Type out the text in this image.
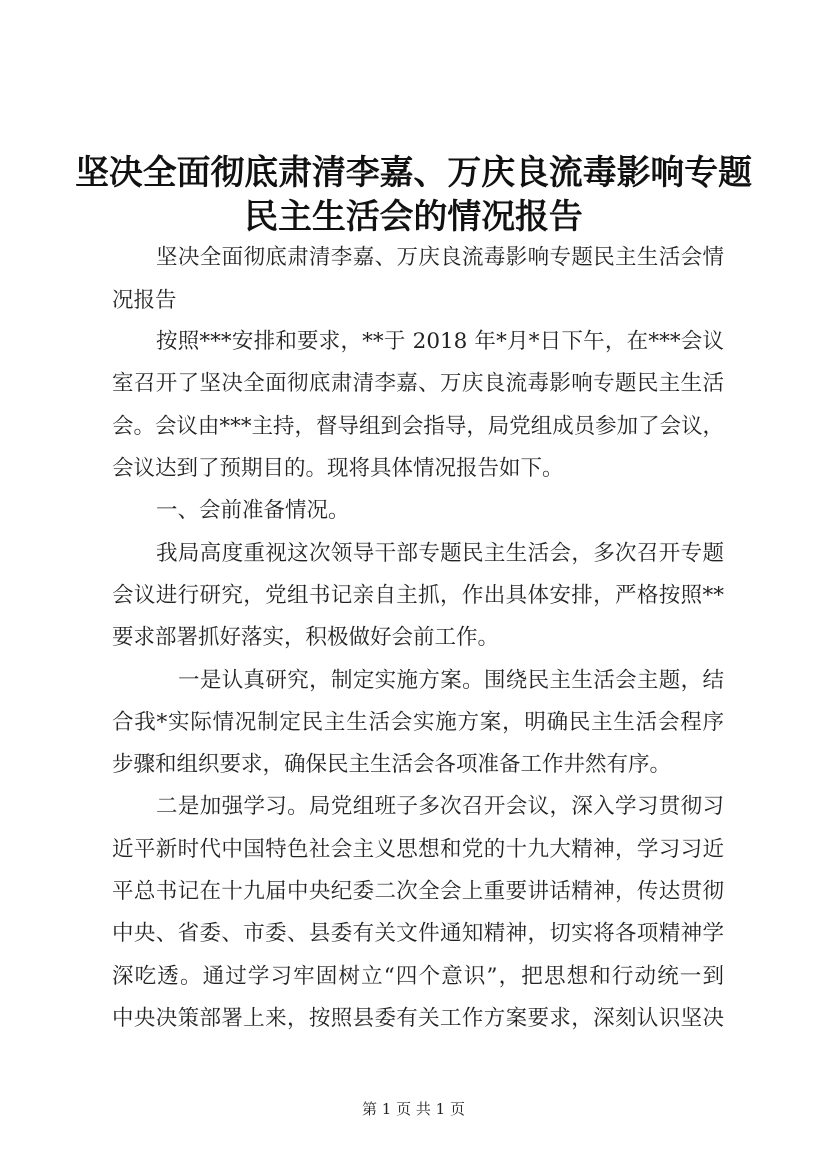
坚决全面彻底肃清李嘉、万庆良流毒影响专题
民主生活会的情况报告
坚决全面彻底肃清李嘉、万庆良流毒影响专题民主生活会情
况报告
按照***安排和要求，**于 2018 年*月*日下午，在***会议
室召开了坚决全面彻底肃清李嘉、万庆良流毒影响专题民主生活
会。会议由***主持，督导组到会指导，局党组成员参加了会议，
会议达到了预期目的。现将具体情况报告如下。
一、会前准备情况。
我局高度重视这次领导干部专题民主生活会，多次召开专题
会议进行研究，党组书记亲自主抓，作出具体安排，严格按照**
要求部署抓好落实，积极做好会前工作。
一是认真研究，制定实施方案。围绕民主生活会主题，结
合我*实际情况制定民主生活会实施方案，明确民主生活会程序
步骤和组织要求，确保民主生活会各项准备工作井然有序。
二是加强学习。局党组班子多次召开会议，深入学习贯彻习
近平新时代中国特色社会主义思想和党的十九大精神，学习习近
平总书记在十九届中央纪委二次全会上重要讲话精神，传达贯彻
中央、省委、市委、县委有关文件通知精神，切实将各项精神学
深吃透。通过学习牢固树立“四个意识”，把思想和行动统一到
中央决策部署上来，按照县委有关工作方案要求，深刻认识坚决
第 1 页 共 1 页
